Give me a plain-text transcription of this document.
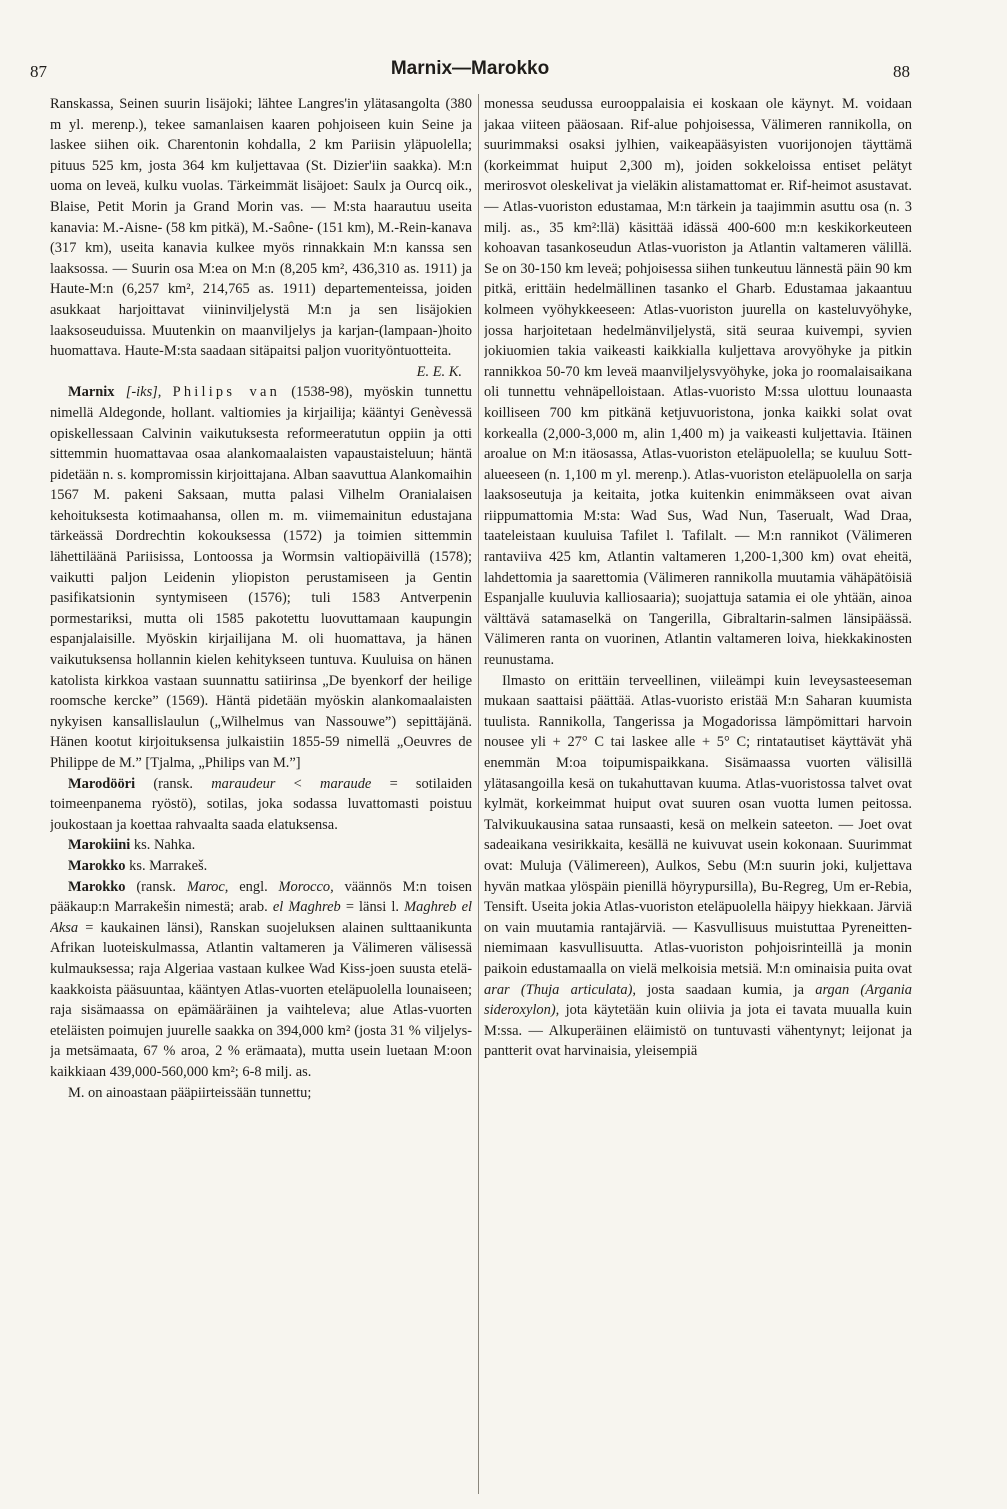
87	Marnix—Marokko	88

Ranskassa, Seinen suurin lisäjoki; lähtee Langres'in ylätasangolta (380 m yl. merenp.), tekee samanlaisen kaaren pohjoiseen kuin Seine ja laskee siihen oik. Charentonin kohdalla, 2 km Pariisin yläpuolella; pituus 525 km, josta 364 km kuljettavaa (St. Dizier'iin saakka). M:n uoma on leveä, kulku vuolas. Tärkeimmät lisäjoet: Saulx ja Ourcq oik., Blaise, Petit Morin ja Grand Morin vas. — M:sta haarautuu useita kanavia: M.-Aisne- (58 km pitkä), M.-Saône- (151 km), M.-Rein-kanava (317 km), useita kanavia kulkee myös rinnakkain M:n kanssa sen laaksossa. — Suurin osa M:ea on M:n (8,205 km², 436,310 as. 1911) ja Haute-M:n (6,257 km², 214,765 as. 1911) departementeissa, joiden asukkaat harjoittavat viininviljelystä M:n ja sen lisäjokien laaksoseuduissa. Muutenkin on maanviljelys ja karjan-(lampaan-)hoito huomattava. Haute-M:sta saadaan sitäpaitsi paljon vuorityöntuotteita.

E. E. K.

Marnix [-iks], Philips van (1538-98), myöskin tunnettu nimellä Aldegonde, hollant. valtiomies ja kirjailija; kääntyi Genèvessä opiskellessaan Calvinin vaikutuksesta reformeeratutun oppiin ja otti sittemmin huomattavaa osaa alankomaalaisten vapaustaisteluun; häntä pidetään n. s. kompromissin kirjoittajana. Alban saavuttua Alankomaihin 1567 M. pakeni Saksaan, mutta palasi Vilhelm Oranialaisen kehoituksesta kotimaahansa, ollen m. m. viimemainitun edustajana tärkeässä Dordrechtin kokouksessa (1572) ja toimien sittemmin lähettiläänä Pariisissa, Lontoossa ja Wormsin valtiopäivillä (1578); vaikutti paljon Leidenin yliopiston perustamiseen ja Gentin pasifikatsionin syntymiseen (1576); tuli 1583 Antverpenin pormestariksi, mutta oli 1585 pakotettu luovuttamaan kaupungin espanjalaisille. Myöskin kirjailijana M. oli huomattava, ja hänen vaikutuksensa hollannin kielen kehitykseen tuntuva. Kuuluisa on hänen katolista kirkkoa vastaan suunnattu satiirinsa „De byenkorf der heilige roomsche kercke” (1569). Häntä pidetään myöskin alankomaalaisten nykyisen kansallislaulun („Wilhelmus van Nassouwe”) sepittäjänä. Hänen kootut kirjoituksensa julkaistiin 1855-59 nimellä „Oeuvres de Philippe de M.” [Tjalma, „Philips van M.”]

Marodööri (ransk. maraudeur < maraude = sotilaiden toimeenpanema ryöstö), sotilas, joka sodassa luvattomasti poistuu joukostaan ja koettaa rahvaalta saada elatuksensa.

Marokiini ks. Nahka.

Marokko ks. Marrakeš.

Marokko (ransk. Maroc, engl. Morocco, väännös M:n toisen pääkaup:n Marrakešin nimestä; arab. el Maghreb = länsi l. Maghreb el Aksa = kaukainen länsi), Ranskan suojeluksen alainen sulttaanikunta Afrikan luoteiskulmassa, Atlantin valtameren ja Välimeren välisessä kulmauksessa; raja Algeriaa vastaan kulkee Wad Kiss-joen suusta etelä-kaakkoista pääsuuntaa, kääntyen Atlas-vuorten eteläpuolella lounaiseen; raja sisämaassa on epämääräinen ja vaihteleva; alue Atlas-vuorten eteläisten poimujen juurelle saakka on 394,000 km² (josta 31 % viljelys- ja metsämaata, 67 % aroa, 2 % erämaata), mutta usein luetaan M:oon kaikkiaan 439,000-560,000 km²; 6-8 milj. as.

M. on ainoastaan pääpiirteissään tunnettu;

monessa seudussa eurooppalaisia ei koskaan ole käynyt. M. voidaan jakaa viiteen pääosaan. Rif-alue pohjoisessa, Välimeren rannikolla, on suurimmaksi osaksi jylhien, vaikeapääsyisten vuorijonojen täyttämä (korkeimmat huiput 2,300 m), joiden sokkeloissa entiset pelätyt merirosvot oleskelivat ja vieläkin alistamattomat er. Rif-heimot asustavat. — Atlas-vuoriston edustamaa, M:n tärkein ja taajimmin asuttu osa (n. 3 milj. as., 35 km²:llä) käsittää idässä 400-600 m:n keskikorkeuteen kohoavan tasankoseudun Atlas-vuoriston ja Atlantin valtameren välillä. Se on 30-150 km leveä; pohjoisessa siihen tunkeutuu lännestä päin 90 km pitkä, erittäin hedelmällinen tasanko el Gharb. Edustamaa jakaantuu kolmeen vyöhykkeeseen: Atlas-vuoriston juurella on kasteluvyöhyke, jossa harjoitetaan hedelmänviljelystä, sitä seuraa kuivempi, syvien jokiuomien takia vaikeasti kaikkialla kuljettava arovyöhyke ja pitkin rannikkoa 50-70 km leveä maanviljelysvyöhyke, joka jo roomalaisaikana oli tunnettu vehnäpelloistaan. Atlas-vuoristo M:ssa ulottuu lounaasta koilliseen 700 km pitkänä ketjuvuoristona, jonka kaikki solat ovat korkealla (2,000-3,000 m, alin 1,400 m) ja vaikeasti kuljettavia. Itäinen aroalue on M:n itäosassa, Atlas-vuoriston eteläpuolella; se kuuluu Sott-alueeseen (n. 1,100 m yl. merenp.). Atlas-vuoriston eteläpuolella on sarja laaksoseutuja ja keitaita, jotka kuitenkin enimmäkseen ovat aivan riippumattomia M:sta: Wad Sus, Wad Nun, Taserualt, Wad Draa, taateleistaan kuuluisa Tafilet l. Tafilalt. — M:n rannikot (Välimeren rantaviiva 425 km, Atlantin valtameren 1,200-1,300 km) ovat eheitä, lahdettomia ja saarettomia (Välimeren rannikolla muutamia vähäpätöisiä Espanjalle kuuluvia kalliosaaria); suojattuja satamia ei ole yhtään, ainoa välttävä satamaselkä on Tangerilla, Gibraltarin-salmen länsipäässä. Välimeren ranta on vuorinen, Atlantin valtameren loiva, hiekkakinosten reunustama.

Ilmasto on erittäin terveellinen, viileämpi kuin leveysasteeseman mukaan saattaisi päättää. Atlas-vuoristo eristää M:n Saharan kuumista tuulista. Rannikolla, Tangerissa ja Mogadorissa lämpömittari harvoin nousee yli + 27° C tai laskee alle + 5° C; rintatautiset käyttävät yhä enemmän M:oa toipumispaikkana. Sisämaassa vuorten välisillä ylätasangoilla kesä on tukahuttavan kuuma. Atlas-vuoristossa talvet ovat kylmät, korkeimmat huiput ovat suuren osan vuotta lumen peitossa. Talvikuukausina sataa runsaasti, kesä on melkein sateeton. — Joet ovat sadeaikana vesirikkaita, kesällä ne kuivuvat usein kokonaan. Suurimmat ovat: Muluja (Välimereen), Aulkos, Sebu (M:n suurin joki, kuljettava hyvän matkaa ylöspäin pienillä höyrypursilla), Bu-Regreg, Um er-Rebia, Tensift. Useita jokia Atlas-vuoriston eteläpuolella häipyy hiekkaan. Järviä on vain muutamia rantajärviä. — Kasvullisuus muistuttaa Pyreneitten-niemimaan kasvullisuutta. Atlas-vuoriston pohjoisrinteillä ja monin paikoin edustamaalla on vielä melkoisia metsiä. M:n ominaisia puita ovat arar (Thuja articulata), josta saadaan kumia, ja argan (Argania sideroxylon), jota käytetään kuin oliivia ja jota ei tavata muualla kuin M:ssa. — Alkuperäinen eläimistö on tuntuvasti vähentynyt; leijonat ja pantterit ovat harvinaisia, yleisempiä
